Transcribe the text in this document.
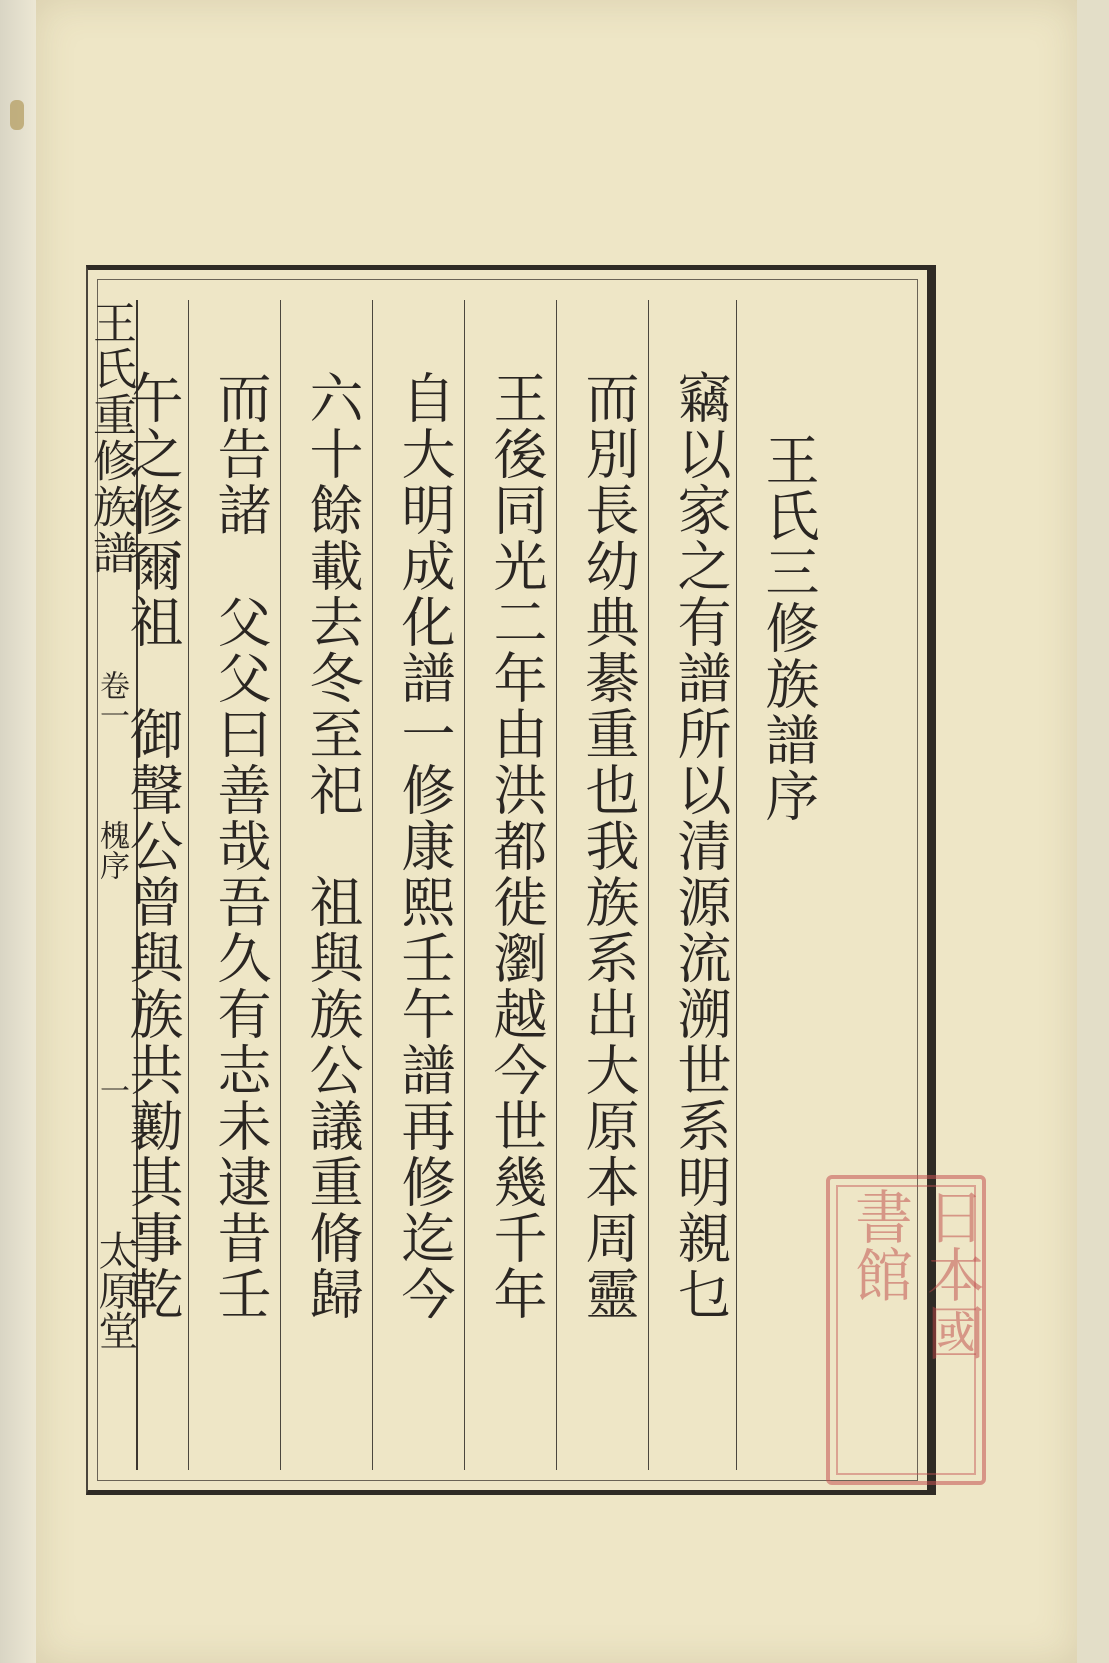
王氏重修族譜
卷一
槐序
一
太原堂
王氏三修族譜序
竊以家之有譜所以清源流溯世系明親乜
而別長幼典綦重也我族系出大原本周靈
王後同光二年由洪都徙瀏越今世幾千年
自大明成化譜一修康熙壬午譜再修迄今
六十餘載去冬至祀　祖與族公議重脩歸
而告諸　父父曰善哉吾久有志未逮昔壬
午之修爾祖　御聲公曾與族共勷其事乾	日本國
書館
